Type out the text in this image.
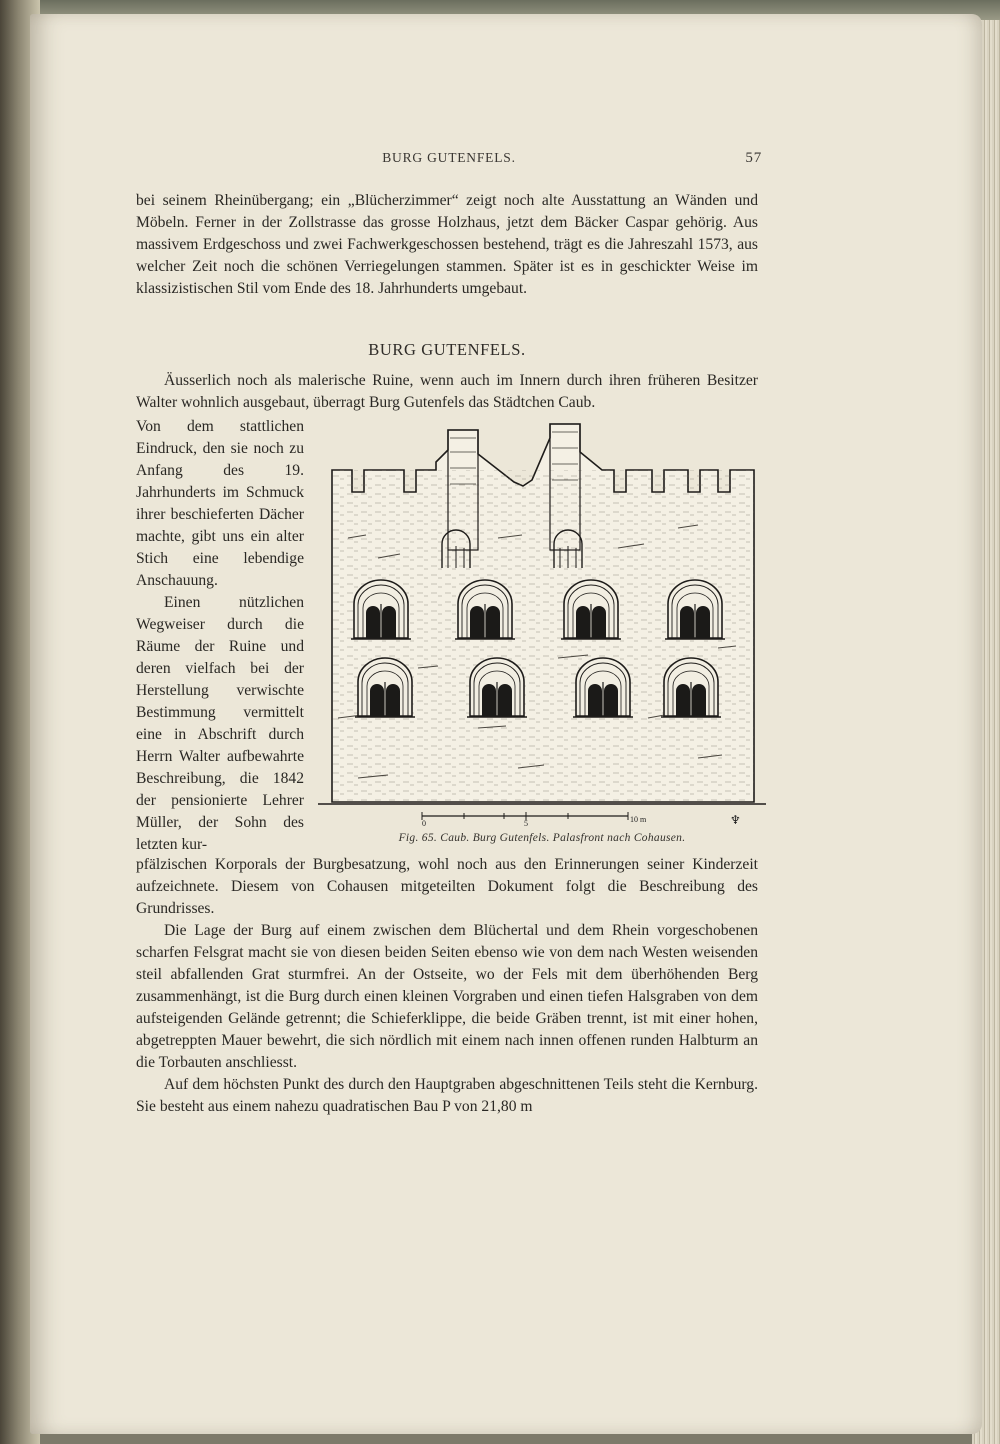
BURG GUTENFELS.	57

bei seinem Rheinübergang; ein „Blücherzimmer“ zeigt noch alte Ausstattung an Wänden und Möbeln. Ferner in der Zollstrasse das grosse Holzhaus, jetzt dem Bäcker Caspar gehörig. Aus massivem Erdgeschoss und zwei Fachwerkgeschossen bestehend, trägt es die Jahreszahl 1573, aus welcher Zeit noch die schönen Verriegelungen stammen. Später ist es in geschickter Weise im klassizistischen Stil vom Ende des 18. Jahrhunderts umgebaut.

BURG GUTENFELS.

Äusserlich noch als malerische Ruine, wenn auch im Innern durch ihren früheren Besitzer Walter wohnlich ausgebaut, überragt Burg Gutenfels das Städtchen Caub.

Von dem stattlichen Eindruck, den sie noch zu Anfang des 19. Jahrhunderts im Schmuck ihrer beschieferten Dächer machte, gibt uns ein alter Stich eine lebendige Anschauung.

Einen nützlichen Wegweiser durch die Räume der Ruine und deren vielfach bei der Herstellung verwischte Bestimmung vermittelt eine in Abschrift durch Herrn Walter aufbewahrte Beschreibung, die 1842 der pensionierte Lehrer Müller, der Sohn des letzten kur-

0	5	10 m	♆
Fig. 65. Caub. Burg Gutenfels. Palasfront nach Cohausen.

pfälzischen Korporals der Burgbesatzung, wohl noch aus den Erinnerungen seiner Kinderzeit aufzeichnete. Diesem von Cohausen mitgeteilten Dokument folgt die Beschreibung des Grundrisses.

Die Lage der Burg auf einem zwischen dem Blüchertal und dem Rhein vorgeschobenen scharfen Felsgrat macht sie von diesen beiden Seiten ebenso wie von dem nach Westen weisenden steil abfallenden Grat sturmfrei. An der Ostseite, wo der Fels mit dem überhöhenden Berg zusammenhängt, ist die Burg durch einen kleinen Vorgraben und einen tiefen Halsgraben von dem aufsteigenden Gelände getrennt; die Schieferklippe, die beide Gräben trennt, ist mit einer hohen, abgetreppten Mauer bewehrt, die sich nördlich mit einem nach innen offenen runden Halbturm an die Torbauten anschliesst.

Auf dem höchsten Punkt des durch den Hauptgraben abgeschnittenen Teils steht die Kernburg. Sie besteht aus einem nahezu quadratischen Bau P von 21,80 m
